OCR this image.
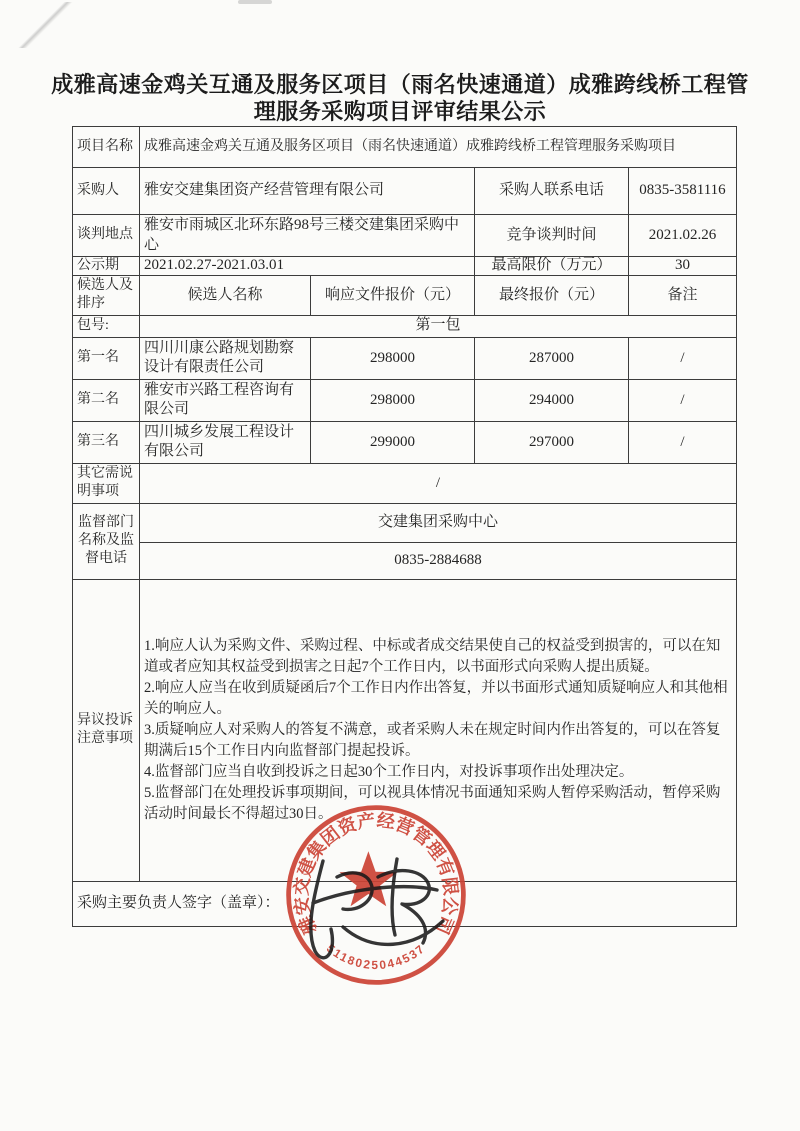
成雅高速金鸡关互通及服务区项目（雨名快速通道）成雅跨线桥工程管
理服务采购项目评审结果公示
项目名称	成雅高速金鸡关互通及服务区项目（雨名快速通道）成雅跨线桥工程管理服务采购项目			
采购人	雅安交建集团资产经营管理有限公司		采购人联系电话	0835-3581116
谈判地点	雅安市雨城区北环东路98号三楼交建集团采购中心		竞争谈判时间	2021.02.26
公示期	2021.02.27-2021.03.01		最高限价（万元）	30
候选人及排序	候选人名称	响应文件报价（元）	最终报价（元）	备注
包号:	第一包			
第一名	四川川康公路规划勘察设计有限责任公司	298000	287000	/
第二名	雅安市兴路工程咨询有限公司	298000	294000	/
第三名	四川城乡发展工程设计有限公司	299000	297000	/
其它需说明事项	/			
监督部门名称及监督电话	交建集团采购中心			
	0835-2884688			
异议投诉注意事项	1.响应人认为采购文件、采购过程、中标或者成交结果使自己的权益受到损害的，可以在知道或者应知其权益受到损害之日起7个工作日内，以书面形式向采购人提出质疑。
2.响应人应当在收到质疑函后7个工作日内作出答复，并以书面形式通知质疑响应人和其他相关的响应人。
3.质疑响应人对采购人的答复不满意，或者采购人未在规定时间内作出答复的，可以在答复期满后15个工作日内向监督部门提起投诉。
4.监督部门应当自收到投诉之日起30个工作日内，对投诉事项作出处理决定。
5.监督部门在处理投诉事项期间，可以视具体情况书面通知采购人暂停采购活动，暂停采购活动时间最长不得超过30日。			

采购主要负责人签字（盖章）：				
雅安交建集团资产经营管理有限公司
5118025044537
